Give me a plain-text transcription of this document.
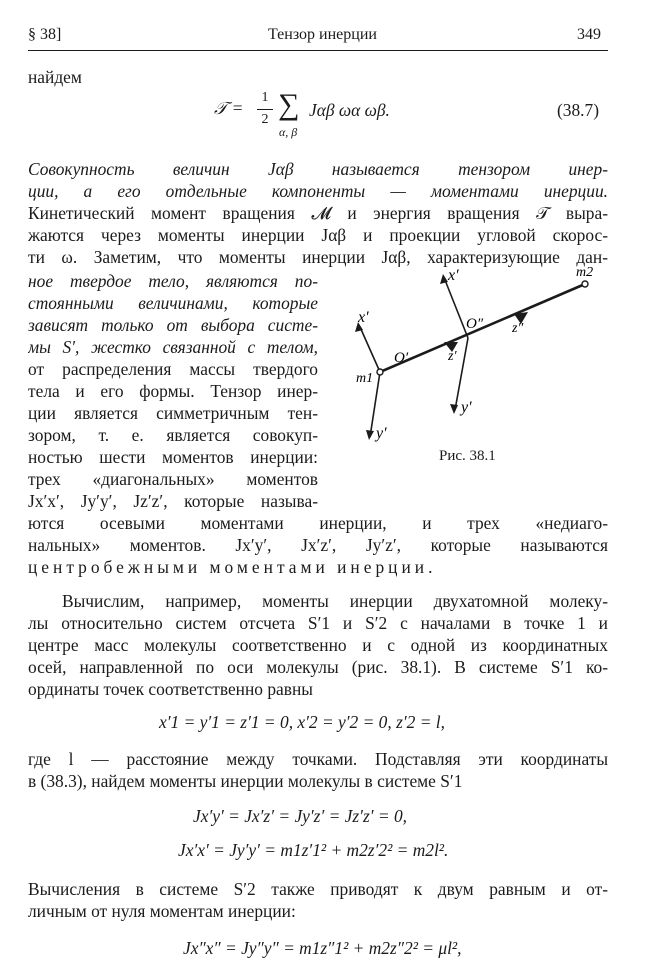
§ 38]	Тензор инерции	349
найдем
𝒯 =
1
2 ∑
α, β
Jαβ ωα ωβ.	(38.7)
Совокупность величин Jαβ называется тензором инер-
ции, а его отдельные компоненты — моментами инерции.
Кинетический момент вращения 𝓜 и энергия вращения 𝒯 выра-
жаются через моменты инерции Jαβ и проекции угловой скорос-
ти ω. Заметим, что моменты инерции Jαβ, характеризующие дан-
ное твердое тело, являются по-
стоянными величинами, которые
зависят только от выбора систе-
мы S′, жестко связанной с телом,
от распределения массы твердого
тела и его формы. Тензор инер-
ции является симметричным тен-
зором, т. е. является совокуп-
ностью шести моментов инерции:
трех «диагональных» моментов
Jx′x′, Jy′y′, Jz′z′, которые называ-
x′
y′
x′
y′
z′
z″
O′
O″
m1
m2
Рис. 38.1
ются осевыми моментами инерции, и трех «недиаго-
нальных» моментов. Jx′y′, Jx′z′, Jy′z′, которые называются
центробежными моментами инерции.
Вычислим, например, моменты инерции двухатомной молеку-
лы относительно систем отсчета S′1 и S′2 с началами в точке 1 и
центре масс молекулы соответственно и с одной из координатных
осей, направленной по оси молекулы (рис. 38.1). В системе S′1 ко-
ординаты точек соответственно равны
x′1 = y′1 = z′1 = 0, x′2 = y′2 = 0, z′2 = l,
где l — расстояние между точками. Подставляя эти координаты
в (38.3), найдем моменты инерции молекулы в системе S′1
Jx′y′ = Jx′z′ = Jy′z′ = Jz′z′ = 0,
Jx′x′ = Jy′y′ = m1z′1² + m2z′2² = m2l².
Вычисления в системе S′2 также приводят к двум равным и от-
личным от нуля моментам инерции:
Jx″x″ = Jy″y″ = m1z″1² + m2z″2² = μl²,
